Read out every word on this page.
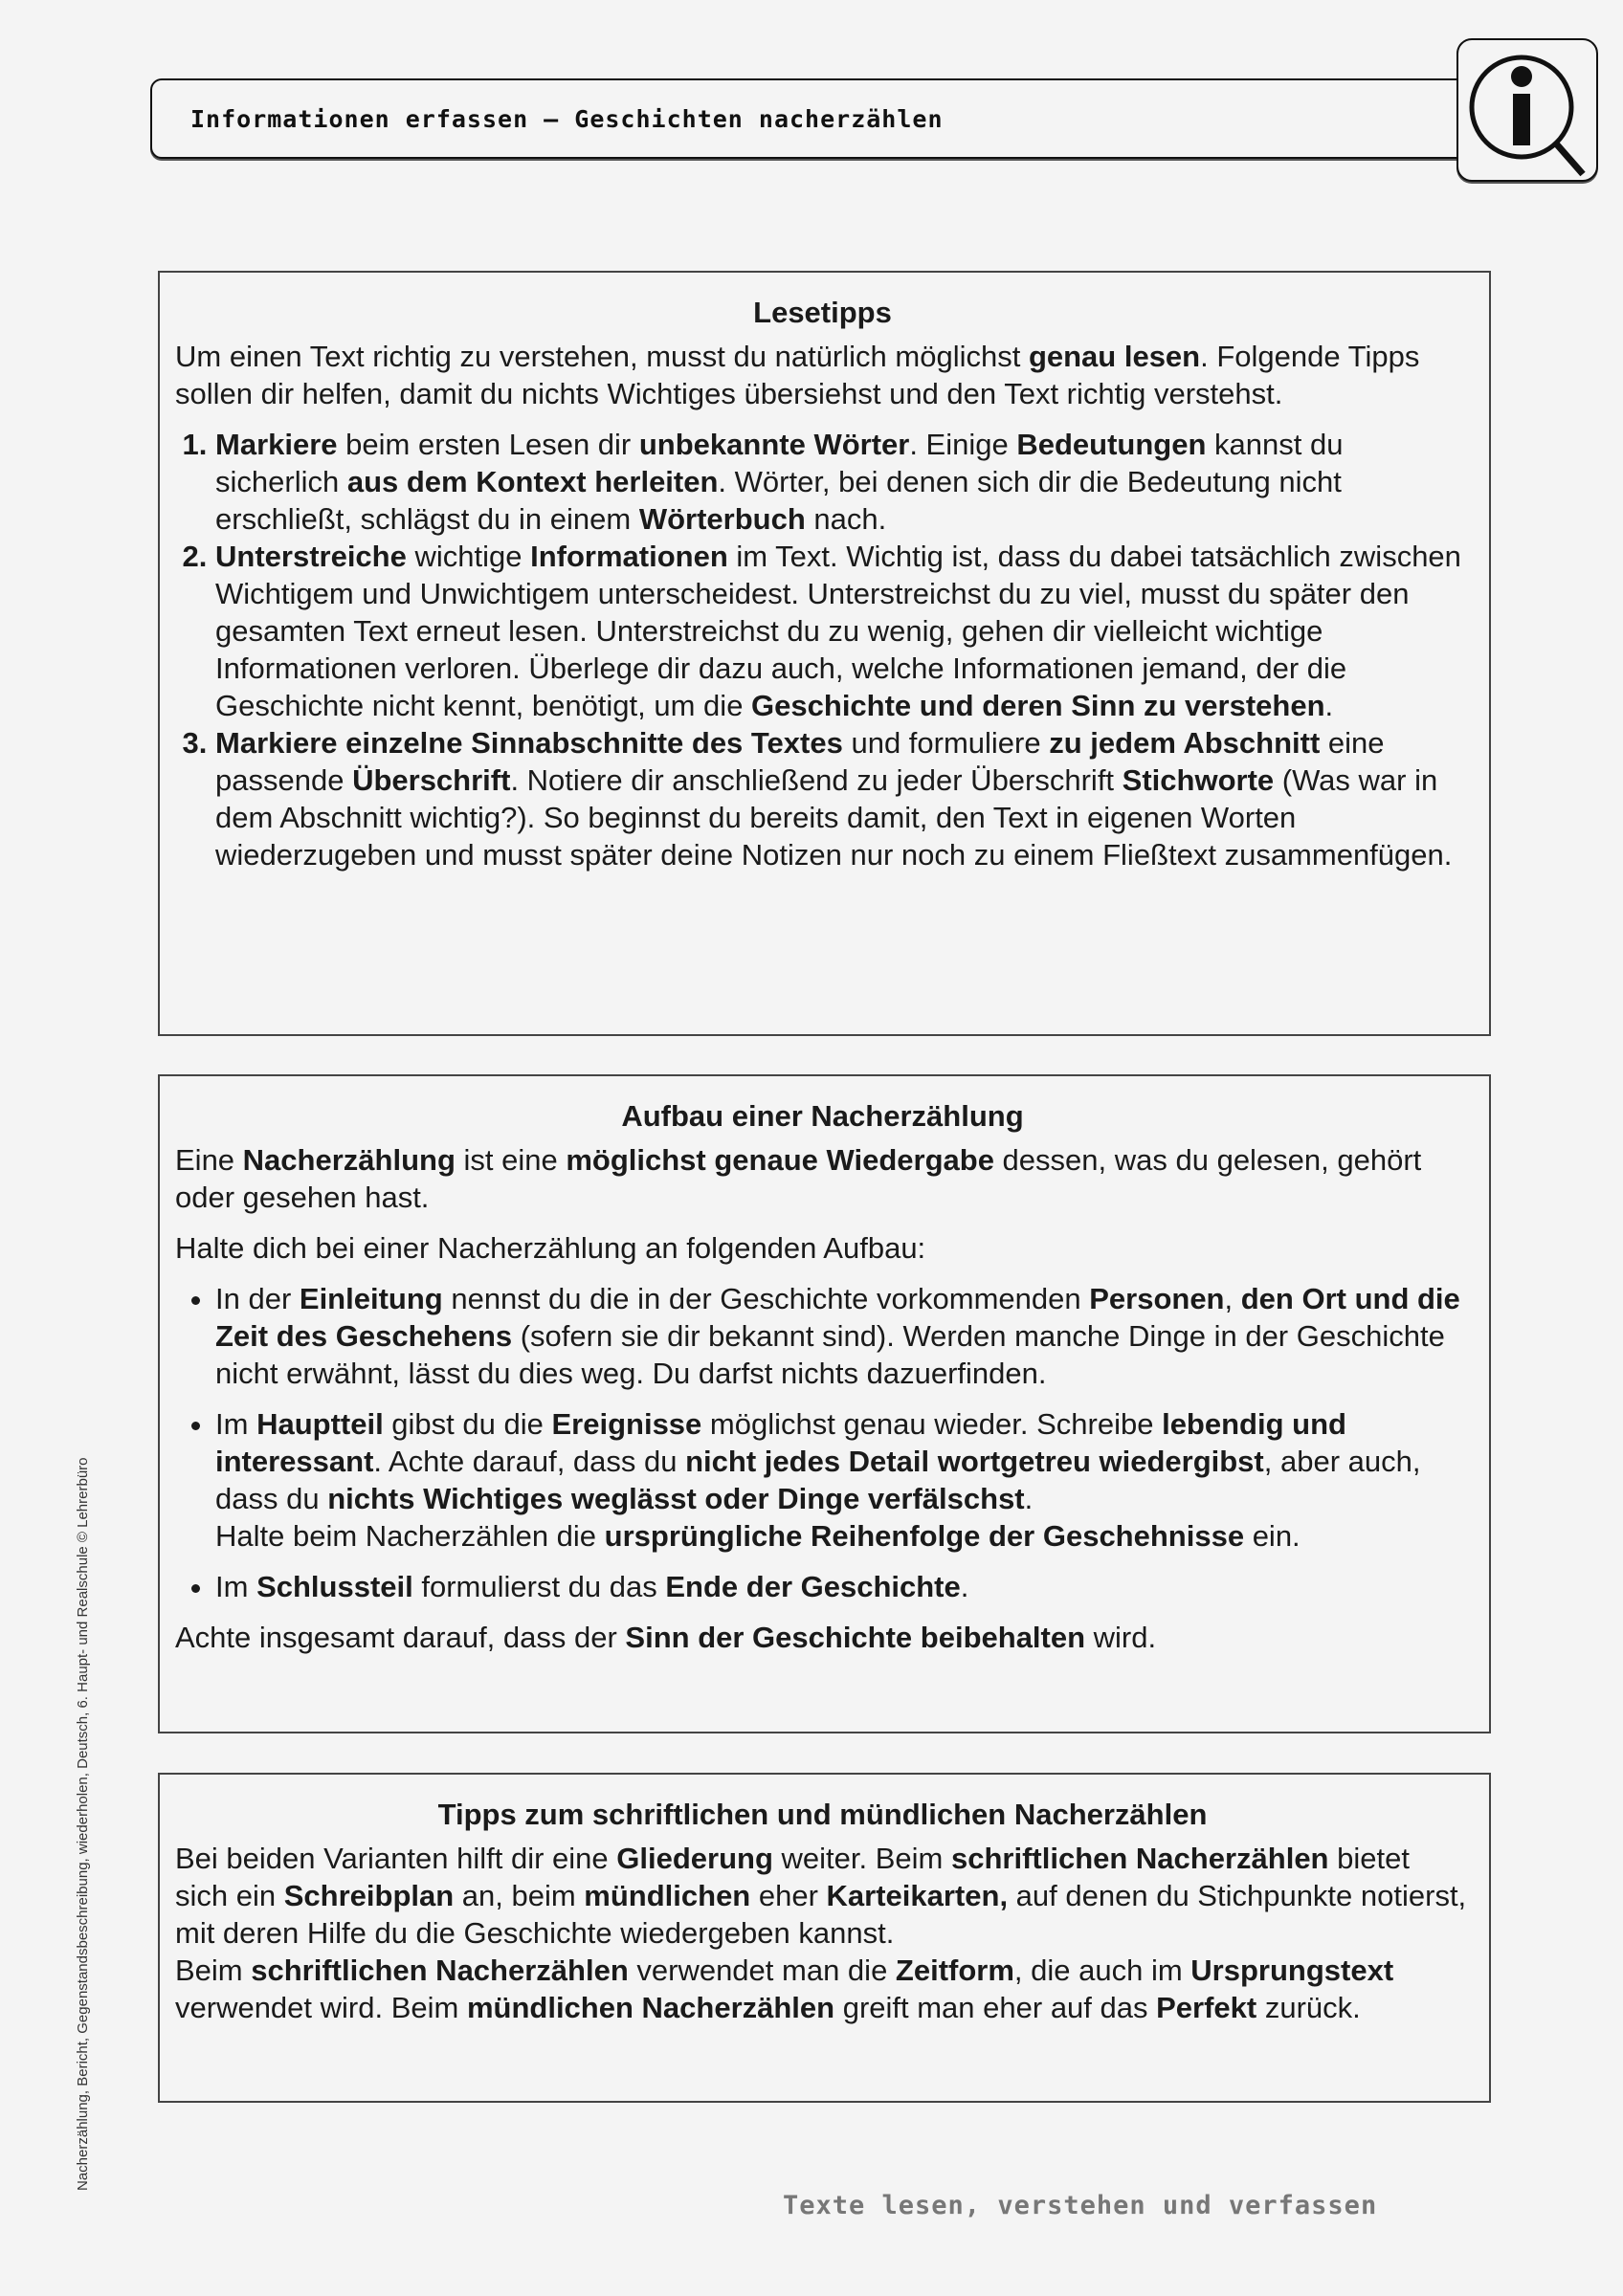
Informationen erfassen – Geschichten nacherzählen
Lesetipps

Um einen Text richtig zu verstehen, musst du natürlich möglichst genau lesen. Folgende Tipps sollen dir helfen, damit du nichts Wichtiges übersiehst und den Text richtig verstehst.

1. Markiere beim ersten Lesen dir unbekannte Wörter. Einige Bedeutungen kannst du sicherlich aus dem Kontext herleiten. Wörter, bei denen sich dir die Bedeutung nicht erschließt, schlägst du in einem Wörterbuch nach.
2. Unterstreiche wichtige Informationen im Text. Wichtig ist, dass du dabei tatsächlich zwischen Wichtigem und Unwichtigem unterscheidest. Unterstreichst du zu viel, musst du später den gesamten Text erneut lesen. Unterstreichst du zu wenig, gehen dir vielleicht wichtige Informationen verloren. Überlege dir dazu auch, welche Informationen jemand, der die Geschichte nicht kennt, benötigt, um die Geschichte und deren Sinn zu verstehen.
3. Markiere einzelne Sinnabschnitte des Textes und formuliere zu jedem Abschnitt eine passende Überschrift. Notiere dir anschließend zu jeder Überschrift Stichworte (Was war in dem Abschnitt wichtig?). So beginnst du bereits damit, den Text in eigenen Worten wiederzugeben und musst später deine Notizen nur noch zu einem Fließtext zusammenfügen.
Aufbau einer Nacherzählung

Eine Nacherzählung ist eine möglichst genaue Wiedergabe dessen, was du gelesen, gehört oder gesehen hast.

Halte dich bei einer Nacherzählung an folgenden Aufbau:

• In der Einleitung nennst du die in der Geschichte vorkommenden Personen, den Ort und die Zeit des Geschehens (sofern sie dir bekannt sind). Werden manche Dinge in der Geschichte nicht erwähnt, lässt du dies weg. Du darfst nichts dazuerfinden.
• Im Hauptteil gibst du die Ereignisse möglichst genau wieder. Schreibe lebendig und interessant. Achte darauf, dass du nicht jedes Detail wortgetreu wiedergibst, aber auch, dass du nichts Wichtiges weglässt oder Dinge verfälschst.
Halte beim Nacherzählen die ursprüngliche Reihenfolge der Geschehnisse ein.
• Im Schlussteil formulierst du das Ende der Geschichte.

Achte insgesamt darauf, dass der Sinn der Geschichte beibehalten wird.

Tipps zum schriftlichen und mündlichen Nacherzählen

Bei beiden Varianten hilft dir eine Gliederung weiter. Beim schriftlichen Nacherzählen bietet sich ein Schreibplan an, beim mündlichen eher Karteikarten, auf denen du Stichpunkte notierst, mit deren Hilfe du die Geschichte wiedergeben kannst.
Beim schriftlichen Nacherzählen verwendet man die Zeitform, die auch im Ursprungstext verwendet wird. Beim mündlichen Nacherzählen greift man eher auf das Perfekt zurück.

Nacherzählung, Bericht, Gegenstandsbeschreibung, wiederholen, Deutsch, 6. Haupt- und Realschule © Lehrerbüro
Texte lesen, verstehen und verfassen
